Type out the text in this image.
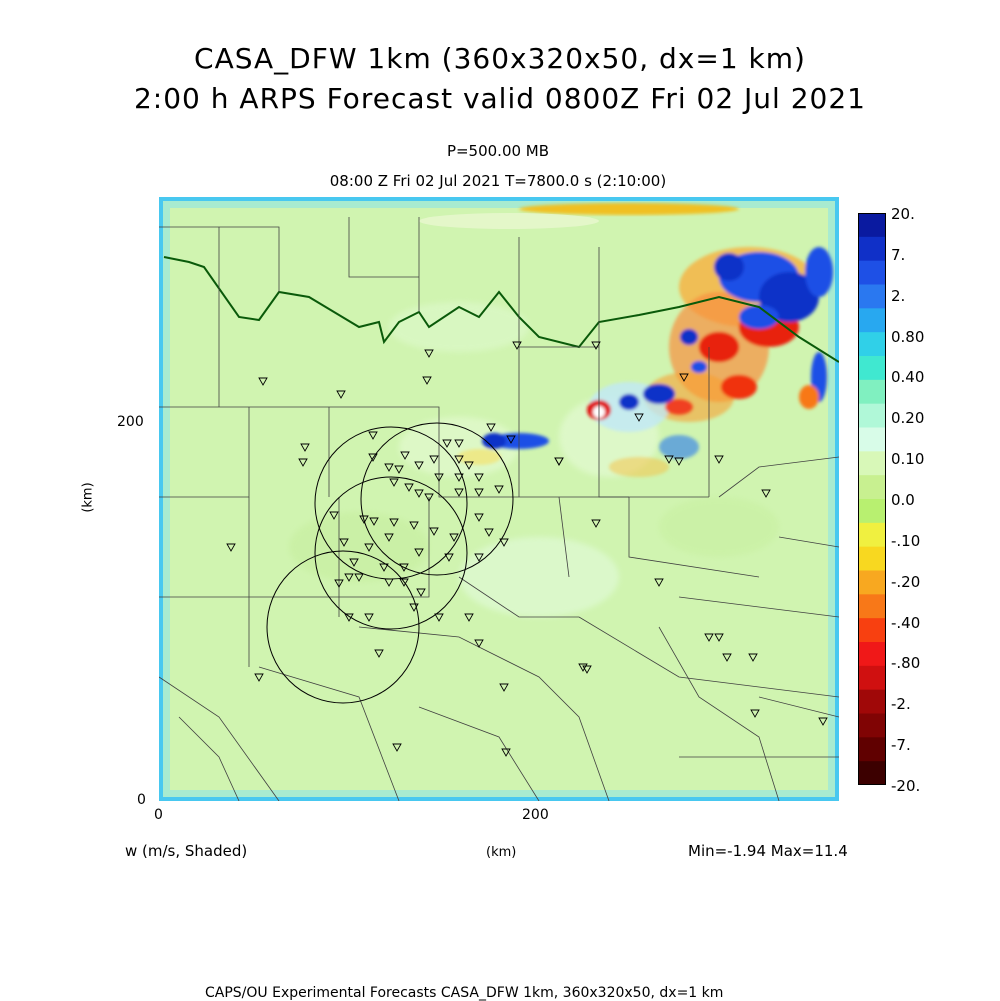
CASA_DFW 1km (360x320x50, dx=1 km)
2:00 h ARPS Forecast valid 0800Z Fri 02 Jul 2021
P=500.00 MB
08:00 Z Fri 02 Jul 2021 T=7800.0 s (2:10:00)
200
0
0	200
(km)
(km)
w (m/s, Shaded)	Min=-1.94 Max=11.4
CAPS/OU Experimental Forecasts CASA_DFW 1km, 360x320x50, dx=1 km
20.
7.
2.
0.80
0.40
0.20
0.10
0.0
-.10
-.20
-.40
-.80
-2.
-7.
-20.
